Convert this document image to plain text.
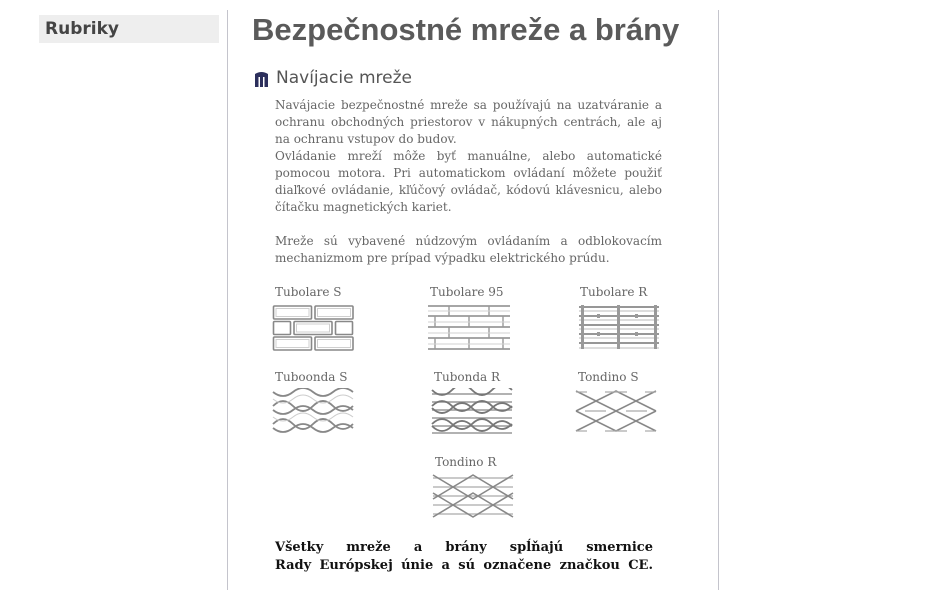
Rubriky	Bezpečnostné mreže a brány
Navíjacie mreže

Navájacie bezpečnostné mreže sa používajú na uzatváranie a ochranu obchodných priestorov v nákupných centrách, ale aj na ochranu vstupov do budov.

Ovládanie mreží môže byť manuálne, alebo automatické pomocou motora. Pri automatickom ovládaní môžete použiť diaľkové ovládanie, kľúčový ovládač, kódovú klávesnicu, alebo čítačku magnetických kariet.

Mreže sú vybavené núdzovým ovládaním a odblokovacím mechanizmom pre prípad výpadku elektrického prúdu.

Tubolare S	Tubolare 95	Tubolare R
Tuboonda S	Tubonda R	Tondino S
Tondino R

Všetky mreže a brány spĺňajú smernice

Rady Európskej únie a sú označene značkou CE.
